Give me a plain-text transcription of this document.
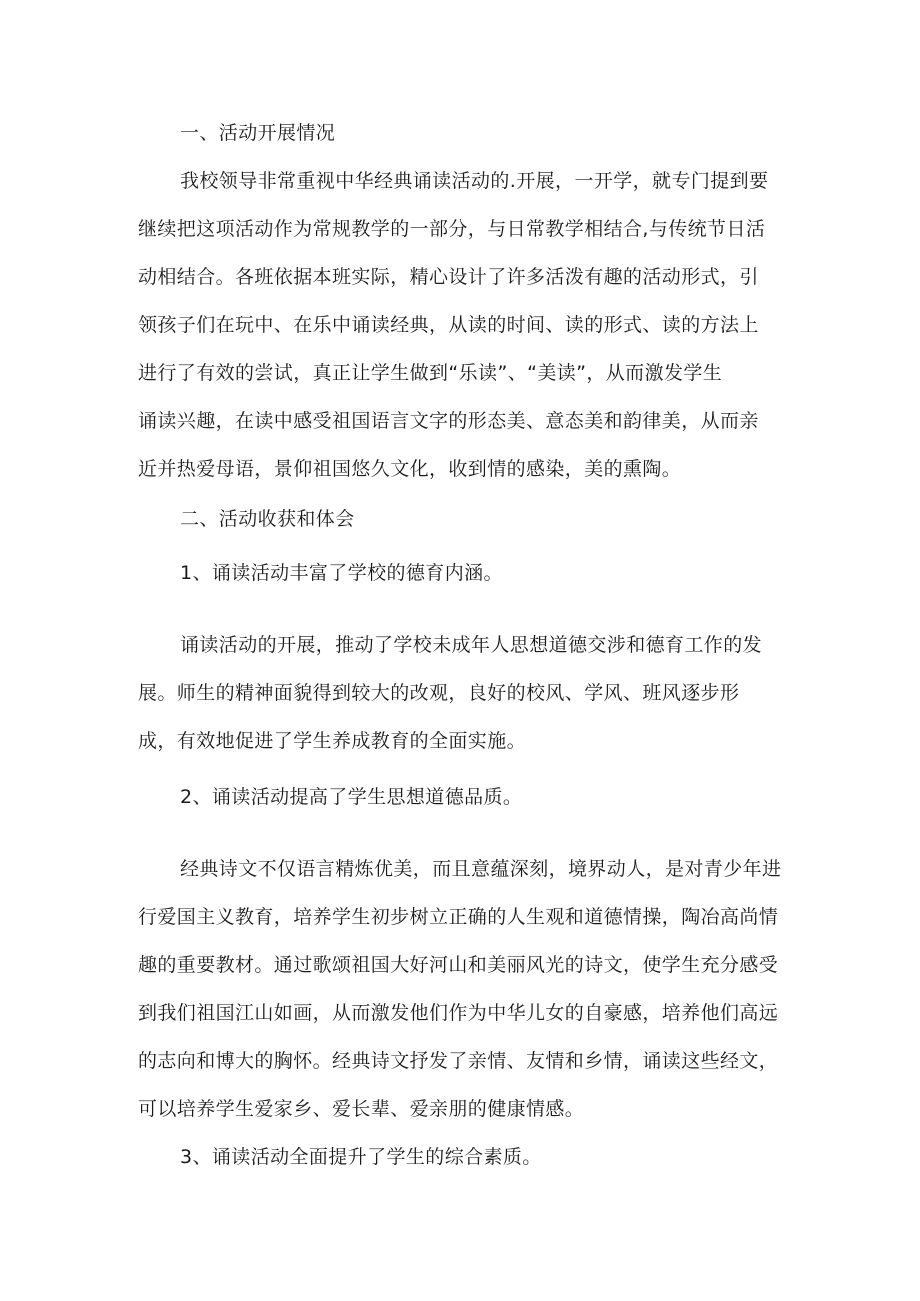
一、活动开展情况
我校领导非常重视中华经典诵读活动的.开展，一开学，就专门提到要
继续把这项活动作为常规教学的一部分，与日常教学相结合,与传统节日活
动相结合。各班依据本班实际，精心设计了许多活泼有趣的活动形式，引
领孩子们在玩中、在乐中诵读经典，从读的时间、读的形式、读的方法上
进行了有效的尝试，真正让学生做到“乐读”、“美读”，从而激发学生
诵读兴趣，在读中感受祖国语言文字的形态美、意态美和韵律美，从而亲
近并热爱母语，景仰祖国悠久文化，收到情的感染，美的熏陶。
二、活动收获和体会
1、诵读活动丰富了学校的德育内涵。
诵读活动的开展，推动了学校未成年人思想道德交涉和德育工作的发
展。师生的精神面貌得到较大的改观，良好的校风、学风、班风逐步形
成，有效地促进了学生养成教育的全面实施。
2、诵读活动提高了学生思想道德品质。
经典诗文不仅语言精炼优美，而且意蕴深刻，境界动人，是对青少年进
行爱国主义教育，培养学生初步树立正确的人生观和道德情操，陶冶高尚情
趣的重要教材。通过歌颂祖国大好河山和美丽风光的诗文，使学生充分感受
到我们祖国江山如画，从而激发他们作为中华儿女的自豪感，培养他们高远
的志向和博大的胸怀。经典诗文抒发了亲情、友情和乡情，诵读这些经文，
可以培养学生爱家乡、爱长辈、爱亲朋的健康情感。
3、诵读活动全面提升了学生的综合素质。
